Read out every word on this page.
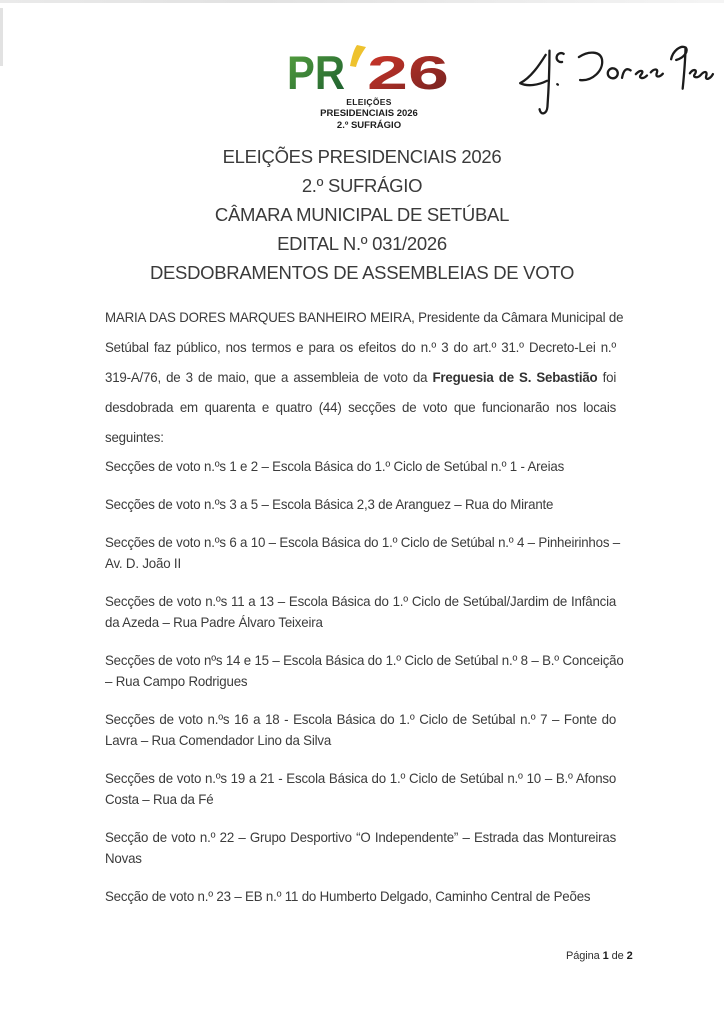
PR 26
ELEIÇÕES
PRESIDENCIAIS 2026
2.º SUFRÁGIO
ELEIÇÕES PRESIDENCIAIS 2026
2.º SUFRÁGIO
CÂMARA MUNICIPAL DE SETÚBAL
EDITAL N.º 031/2026
DESDOBRAMENTOS DE ASSEMBLEIAS DE VOTO
MARIA DAS DORES MARQUES BANHEIRO MEIRA, Presidente da Câmara Municipal de
Setúbal faz público, nos termos e para os efeitos do n.º 3 do art.º 31.º Decreto-Lei n.º
319-A/76, de 3 de maio, que a assembleia de voto da Freguesia de S. Sebastião foi
desdobrada em quarenta e quatro (44) secções de voto que funcionarão nos locais
seguintes:
Secções de voto n.ºs 1 e 2 – Escola Básica do 1.º Ciclo de Setúbal n.º 1 - Areias
Secções de voto n.ºs 3 a 5 – Escola Básica 2,3 de Aranguez – Rua do Mirante
Secções de voto n.ºs 6 a 10 – Escola Básica do 1.º Ciclo de Setúbal n.º 4 – Pinheirinhos –
Av. D. João II
Secções de voto n.ºs 11 a 13 – Escola Básica do 1.º Ciclo de Setúbal/Jardim de Infância
da Azeda – Rua Padre Álvaro Teixeira
Secções de voto nºs 14 e 15 – Escola Básica do 1.º Ciclo de Setúbal n.º 8 – B.º Conceição
– Rua Campo Rodrigues
Secções de voto n.ºs 16 a 18 - Escola Básica do 1.º Ciclo de Setúbal n.º 7 – Fonte do
Lavra – Rua Comendador Lino da Silva
Secções de voto n.ºs 19 a 21 - Escola Básica do 1.º Ciclo de Setúbal n.º 10 – B.º Afonso
Costa – Rua da Fé
Secção de voto n.º 22 – Grupo Desportivo “O Independente” – Estrada das Montureiras
Novas
Secção de voto n.º 23 – EB n.º 11 do Humberto Delgado, Caminho Central de Peões
Página 1 de 2
